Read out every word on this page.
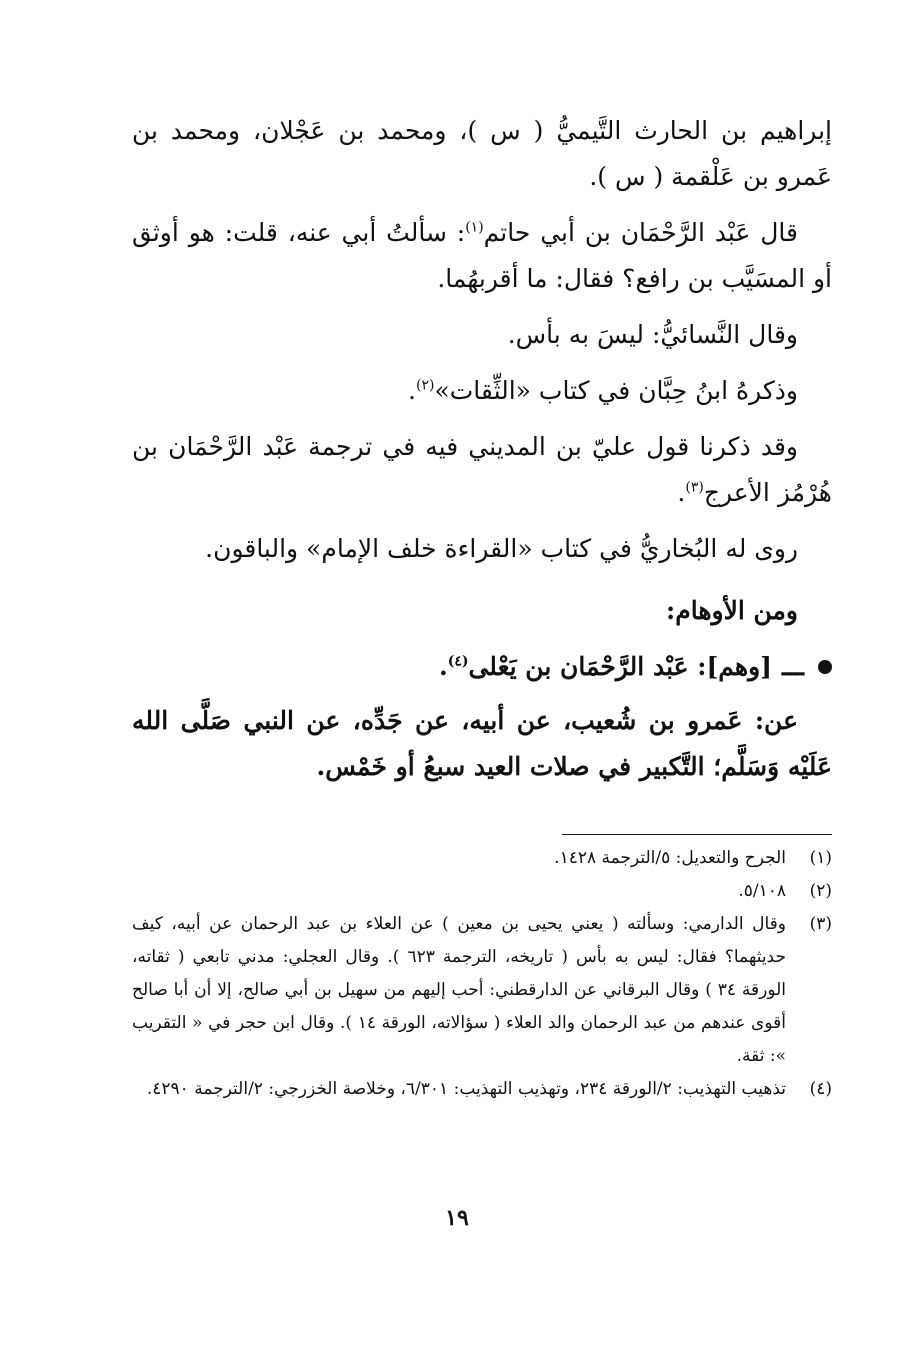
إبراهيم بن الحارث التَّيميُّ ( س )، ومحمد بن عَجْلان، ومحمد بن عَمرو بن عَلْقمة ( س ).

قال عَبْد الرَّحْمَان بن أبي حاتم$^{(١)}$: سألتُ أبي عنه، قلت: هو أوثق أو المسَيَّب بن رافع؟ فقال: ما أقربهُما.

وقال النَّسائيُّ: ليسَ به بأس.

وذكرهُ ابنُ حِبَّان في كتاب «الثِّقات»$^{(٢)}$.

وقد ذكرنا قول عليّ بن المديني فيه في ترجمة عَبْد الرَّحْمَان بن هُرْمُز الأعرج$^{(٣)}$.

روى له البُخاريُّ في كتاب «القراءة خلف الإمام» والباقون.

ومن الأوهام:

ـــ
[وهم]: عَبْد الرَّحْمَان بن يَعْلى$^{(٤)}$.

عن: عَمرو بن شُعيب، عن أبيه، عن جَدِّه، عن النبي صَلَّى الله عَلَيْه وَسَلَّم؛ التَّكبير في صلات العيد سبعُ أو خَمْس.

(١)
الجرح والتعديل: ٥/الترجمة ١٤٢٨.
(٢)
٥/١٠٨.
(٣)
وقال الدارمي: وسألته ( يعني يحيى بن معين ) عن العلاء بن عبد الرحمان عن أبيه، كيف حديثهما؟ فقال: ليس به بأس ( تاريخه، الترجمة ٦٢٣ ). وقال العجلي: مدني تابعي ( ثقاته، الورقة ٣٤ ) وقال البرقاني عن الدارقطني: أحب إليهم من سهيل بن أبي صالح، إلا أن أبا صالح أقوى عندهم من عبد الرحمان والد العلاء ( سؤالاته، الورقة ١٤ ). وقال ابن حجر في « التقريب »: ثقة.
(٤)
تذهيب التهذيب: ٢/الورقة ٢٣٤، وتهذيب التهذيب: ٦/٣٠١، وخلاصة الخزرجي: ٢/الترجمة ٤٢٩٠.
١٩
